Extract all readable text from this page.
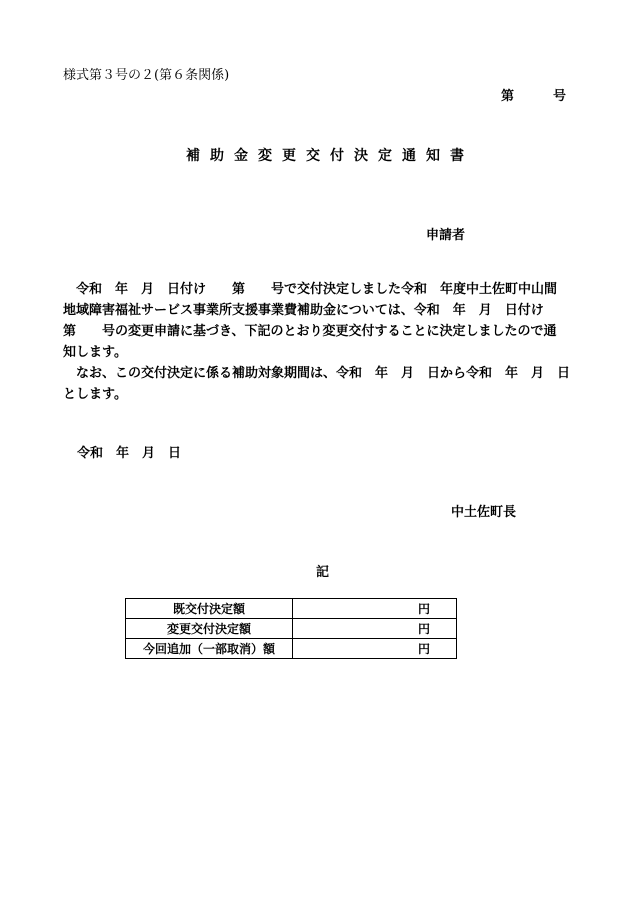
様式第３号の２(第６条関係)
第　　　号
補助金変更交付決定通知書
申請者
　令和　年　月　日付け　　第　　号で交付決定しました令和　年度中土佐町中山間
地域障害福祉サービス事業所支援事業費補助金については、令和　年　月　日付け
第　　号の変更申請に基づき、下記のとおり変更交付することに決定しましたので通
知します。
　なお、この交付決定に係る補助対象期間は、令和　年　月　日から令和　年　月　日
とします。
令和　年　月　日
中土佐町長
記
既交付決定額	円
変更交付決定額	円
今回追加（一部取消）額	円
